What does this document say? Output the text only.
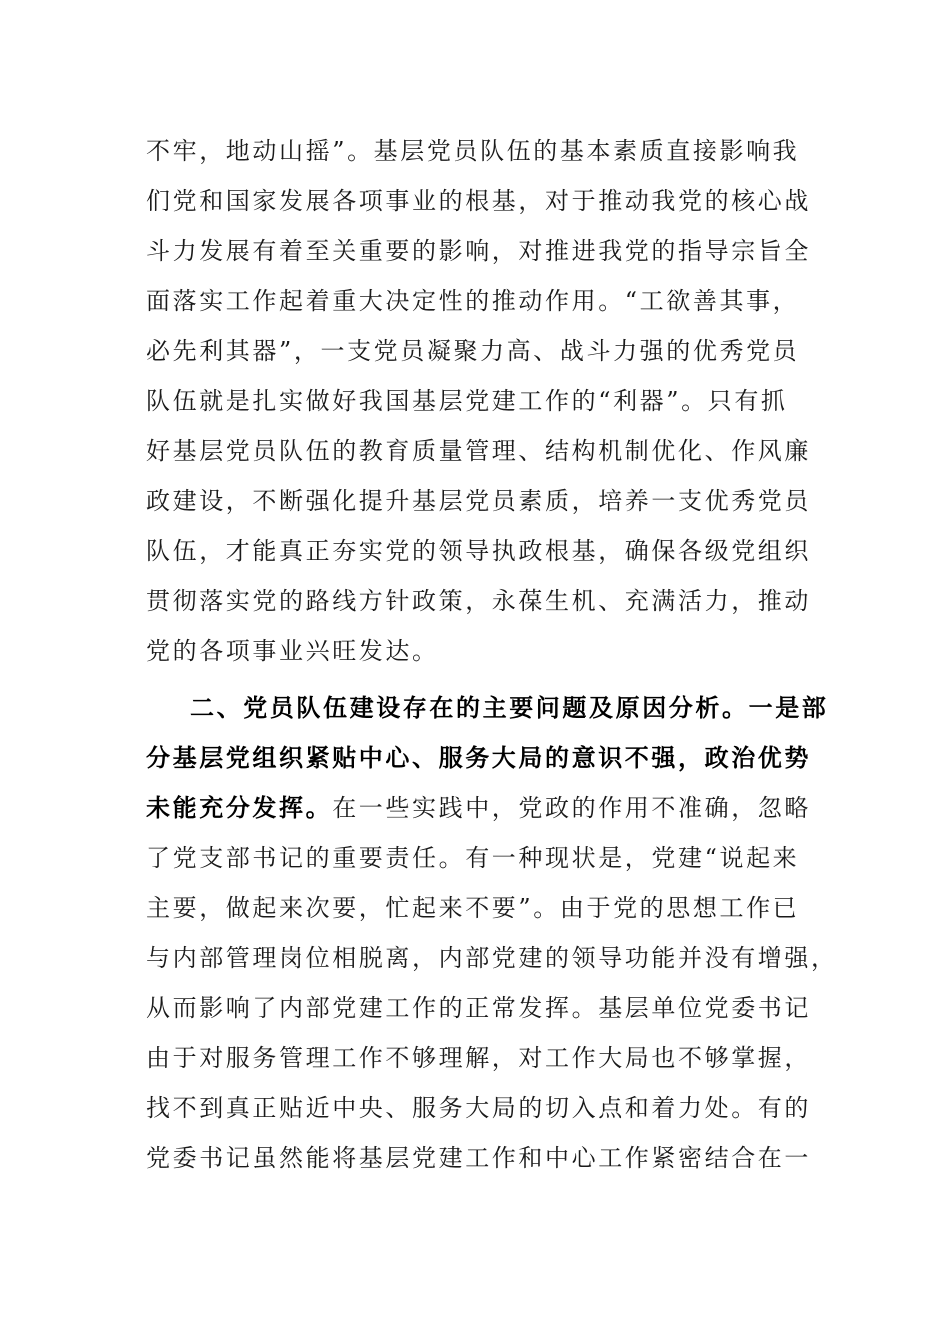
不牢，地动山摇”。基层党员队伍的基本素质直接影响我
们党和国家发展各项事业的根基，对于推动我党的核心战
斗力发展有着至关重要的影响，对推进我党的指导宗旨全
面落实工作起着重大决定性的推动作用。“工欲善其事，
必先利其器”，一支党员凝聚力高、战斗力强的优秀党员
队伍就是扎实做好我国基层党建工作的“利器”。只有抓
好基层党员队伍的教育质量管理、结构机制优化、作风廉
政建设，不断强化提升基层党员素质，培养一支优秀党员
队伍，才能真正夯实党的领导执政根基，确保各级党组织
贯彻落实党的路线方针政策，永葆生机、充满活力，推动
党的各项事业兴旺发达。
二、党员队伍建设存在的主要问题及原因分析。一是部
分基层党组织紧贴中心、服务大局的意识不强，政治优势
未能充分发挥。在一些实践中，党政的作用不准确，忽略
了党支部书记的重要责任。有一种现状是，党建“说起来
主要，做起来次要，忙起来不要”。由于党的思想工作已
与内部管理岗位相脱离，内部党建的领导功能并没有增强，
从而影响了内部党建工作的正常发挥。基层单位党委书记
由于对服务管理工作不够理解，对工作大局也不够掌握，
找不到真正贴近中央、服务大局的切入点和着力处。有的
党委书记虽然能将基层党建工作和中心工作紧密结合在一
